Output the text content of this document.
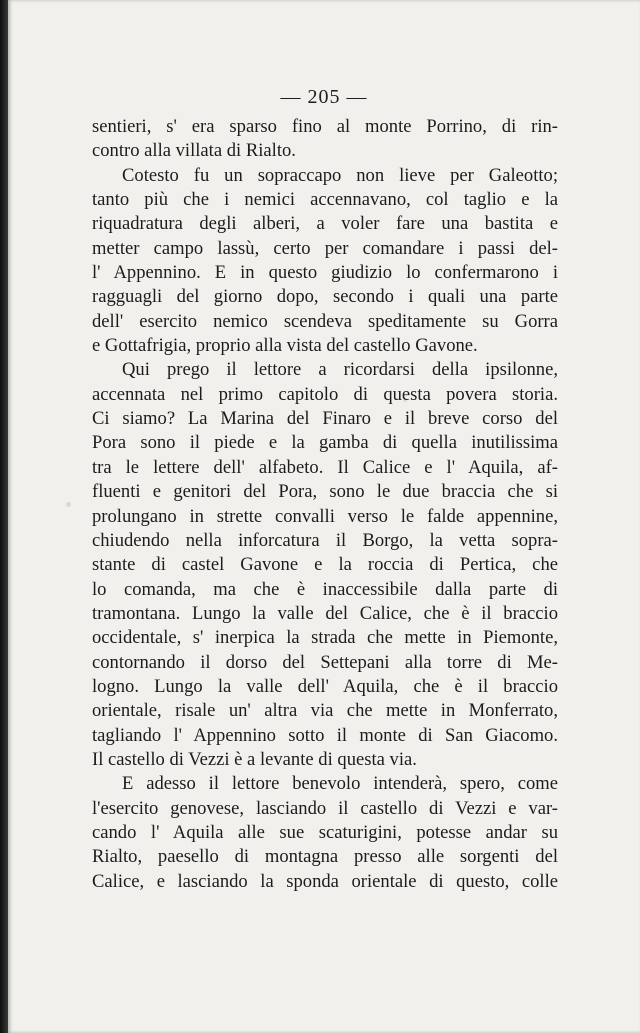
— 205 —
sentieri, s' era sparso fino al monte Porrino, di rin-
contro alla villata di Rialto.
Cotesto fu un sopraccapo non lieve per Galeotto;
tanto più che i nemici accennavano, col taglio e la
riquadratura degli alberi, a voler fare una bastita e
metter campo lassù, certo per comandare i passi del-
l' Appennino. E in questo giudizio lo confermarono i
ragguagli del giorno dopo, secondo i quali una parte
dell' esercito nemico scendeva speditamente su Gorra
e Gottafrigia, proprio alla vista del castello Gavone.
Qui prego il lettore a ricordarsi della ipsilonne,
accennata nel primo capitolo di questa povera storia.
Ci siamo? La Marina del Finaro e il breve corso del
Pora sono il piede e la gamba di quella inutilissima
tra le lettere dell' alfabeto. Il Calice e l' Aquila, af-
fluenti e genitori del Pora, sono le due braccia che si
prolungano in strette convalli verso le falde appennine,
chiudendo nella inforcatura il Borgo, la vetta sopra-
stante di castel Gavone e la roccia di Pertica, che
lo comanda, ma che è inaccessibile dalla parte di
tramontana. Lungo la valle del Calice, che è il braccio
occidentale, s' inerpica la strada che mette in Piemonte,
contornando il dorso del Settepani alla torre di Me-
logno. Lungo la valle dell' Aquila, che è il braccio
orientale, risale un' altra via che mette in Monferrato,
tagliando l' Appennino sotto il monte di San Giacomo.
Il castello di Vezzi è a levante di questa via.
E adesso il lettore benevolo intenderà, spero, come
l'esercito genovese, lasciando il castello di Vezzi e var-
cando l' Aquila alle sue scaturigini, potesse andar su
Rialto, paesello di montagna presso alle sorgenti del
Calice, e lasciando la sponda orientale di questo, colle
